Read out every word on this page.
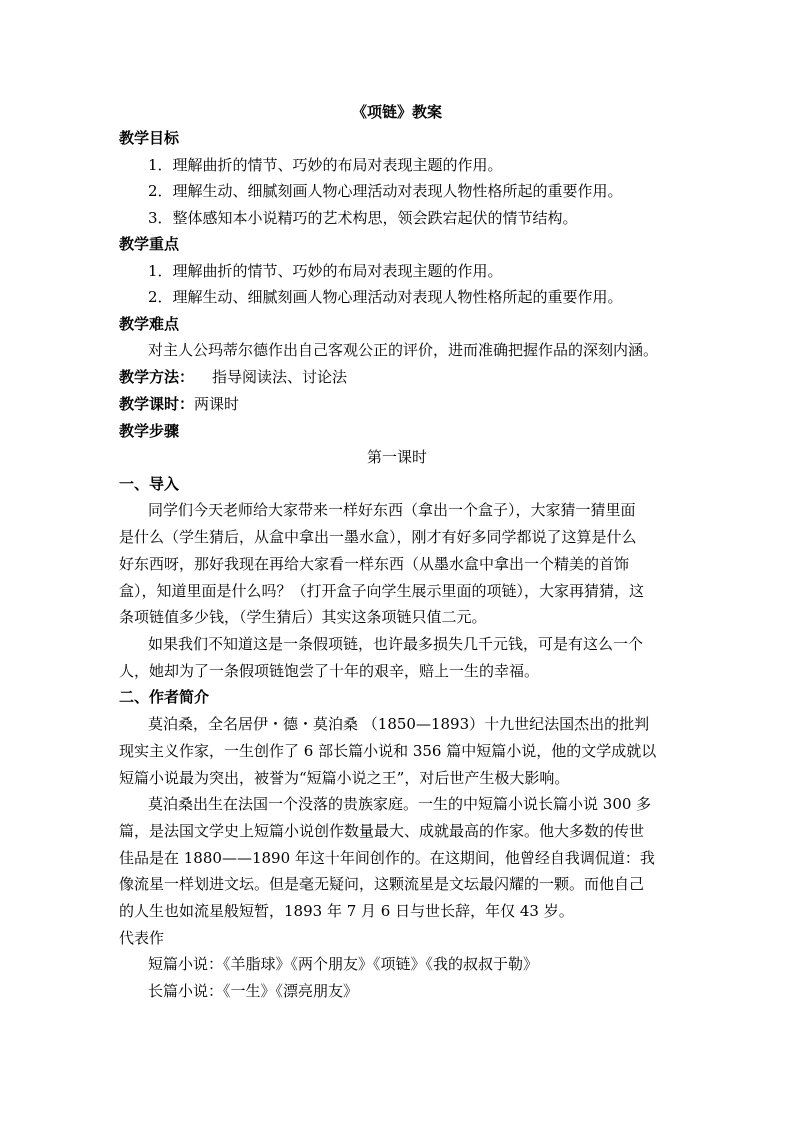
《项链》教案
教学目标
1．理解曲折的情节、巧妙的布局对表现主题的作用。
2．理解生动、细腻刻画人物心理活动对表现人物性格所起的重要作用。
3．整体感知本小说精巧的艺术构思，领会跌宕起伏的情节结构。
教学重点
1．理解曲折的情节、巧妙的布局对表现主题的作用。
2．理解生动、细腻刻画人物心理活动对表现人物性格所起的重要作用。
教学难点
对主人公玛蒂尔德作出自己客观公正的评价，进而准确把握作品的深刻内涵。
教学方法： 指导阅读法、讨论法
教学课时：两课时
教学步骤
第一课时
一、导入
同学们今天老师给大家带来一样好东西（拿出一个盒子），大家猜一猜里面
是什么（学生猜后，从盒中拿出一墨水盒），刚才有好多同学都说了这算是什么
好东西呀，那好我现在再给大家看一样东西（从墨水盒中拿出一个精美的首饰
盒），知道里面是什么吗？（打开盒子向学生展示里面的项链），大家再猜猜，这
条项链值多少钱，（学生猜后）其实这条项链只值二元。
如果我们不知道这是一条假项链，也许最多损失几千元钱，可是有这么一个
人，她却为了一条假项链饱尝了十年的艰辛，赔上一生的幸福。
二、作者简介
莫泊桑，全名居伊・德・莫泊桑 （1850—1893）十九世纪法国杰出的批判
现实主义作家，一生创作了 6 部长篇小说和 356 篇中短篇小说，他的文学成就以
短篇小说最为突出，被誉为“短篇小说之王”，对后世产生极大影响。
莫泊桑出生在法国一个没落的贵族家庭。一生的中短篇小说长篇小说 300 多
篇，是法国文学史上短篇小说创作数量最大、成就最高的作家。他大多数的传世
佳品是在 1880——1890 年这十年间创作的。在这期间，他曾经自我调侃道：我
像流星一样划进文坛。但是毫无疑问，这颗流星是文坛最闪耀的一颗。而他自己
的人生也如流星般短暂，1893 年 7 月 6 日与世长辞，年仅 43 岁。
代表作
短篇小说：《羊脂球》《两个朋友》《项链》《我的叔叔于勒》
长篇小说：《一生》《漂亮朋友》
